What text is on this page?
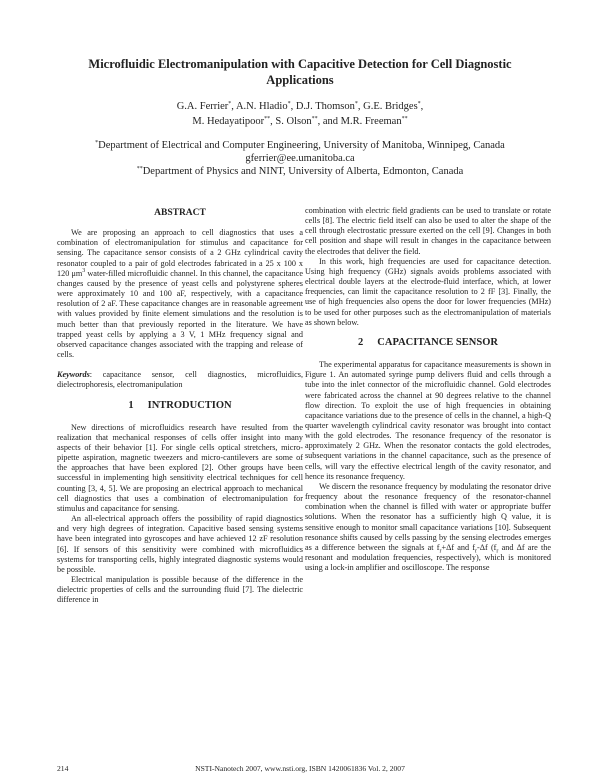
Microfluidic Electromanipulation with Capacitive Detection for Cell Diagnostic
Applications
G.A. Ferrier*, A.N. Hladio*, D.J. Thomson*, G.E. Bridges*,
M. Hedayatipoor**, S. Olson**, and M.R. Freeman**
*Department of Electrical and Computer Engineering, University of Manitoba, Winnipeg, Canada
gferrier@ee.umanitoba.ca
**Department of Physics and NINT, University of Alberta, Edmonton, Canada
ABSTRACT

We are proposing an approach to cell diagnostics that uses a combination of electromanipulation for stimulus and capacitance for sensing. The capacitance sensor consists of a 2 GHz cylindrical cavity resonator coupled to a pair of gold electrodes fabricated in a 25 x 100 x 120 $\mu m^3$ water-filled microfluidic channel. In this channel, the capacitance changes caused by the presence of yeast cells and polystyrene spheres were approximately 10 and 100 aF, respectively, with a capacitance resolution of 2 aF. These capacitance changes are in reasonable agreement with values provided by finite element simulations and the resolution is much better than that previously reported in the literature. We have trapped yeast cells by applying a 3 V, 1 MHz frequency signal and observed capacitance changes associated with the trapping and release of cells.

Keywords: capacitance sensor, cell diagnostics, microfluidics, dielectrophoresis, electromanipulation

1 INTRODUCTION

New directions of microfluidics research have resulted from the realization that mechanical responses of cells offer insight into many aspects of their behavior [1]. For single cells optical stretchers, micro-pipette aspiration, magnetic tweezers and micro-cantilevers are some of the approaches that have been explored [2]. Other groups have been successful in implementing high sensitivity electrical techniques for cell counting [3, 4, 5]. We are proposing an electrical approach to mechanical cell diagnostics that uses a combination of electromanipulation for stimulus and capacitance for sensing.

An all-electrical approach offers the possibility of rapid diagnostics and very high degrees of integration. Capacitive based sensing systems have been integrated into gyroscopes and have achieved 12 zF resolution [6]. If sensors of this sensitivity were combined with microfluidics systems for transporting cells, highly integrated diagnostic systems would be possible.

Electrical manipulation is possible because of the difference in the dielectric properties of cells and the surrounding fluid [7]. The dielectric difference in

combination with electric field gradients can be used to translate or rotate cells [8]. The electric field itself can also be used to alter the shape of the cell through electrostatic pressure exerted on the cell [9]. Changes in both cell position and shape will result in changes in the capacitance between the electrodes that deliver the field.

In this work, high frequencies are used for capacitance detection. Using high frequency (GHz) signals avoids problems associated with electrical double layers at the electrode-fluid interface, which, at lower frequencies, can limit the capacitance resolution to 2 fF [3]. Finally, the use of high frequencies also opens the door for lower frequencies (MHz) to be used for other purposes such as the electromanipulation of materials as shown below.

2 CAPACITANCE SENSOR

The experimental apparatus for capacitance measurements is shown in Figure 1. An automated syringe pump delivers fluid and cells through a tube into the inlet connector of the microfluidic channel. Gold electrodes were fabricated across the channel at 90 degrees relative to the channel flow direction. To exploit the use of high frequencies in obtaining capacitance variations due to the presence of cells in the channel, a high-Q quarter wavelength cylindrical cavity resonator was brought into contact with the gold electrodes. The resonance frequency of the resonator is approximately 2 GHz. When the resonator contacts the gold electrodes, subsequent variations in the channel capacitance, such as the presence of cells, will vary the effective electrical length of the cavity resonator, and hence its resonance frequency.

We discern the resonance frequency by modulating the resonator drive frequency about the resonance frequency of the resonator-channel combination when the channel is filled with water or appropriate buffer solutions. When the resonator has a sufficiently high Q value, it is sensitive enough to monitor small capacitance variations [10]. Subsequent resonance shifts caused by cells passing by the sensing electrodes emerges as a difference between the signals at $f_r+\Delta f$ and $f_r-\Delta f$ ($f_r$ and Δf are the resonant and modulation frequencies, respectively), which is monitored using a lock-in amplifier and oscilloscope. The response

214	NSTI-Nanotech 2007, www.nsti.org, ISBN 1420061836 Vol. 2, 2007
